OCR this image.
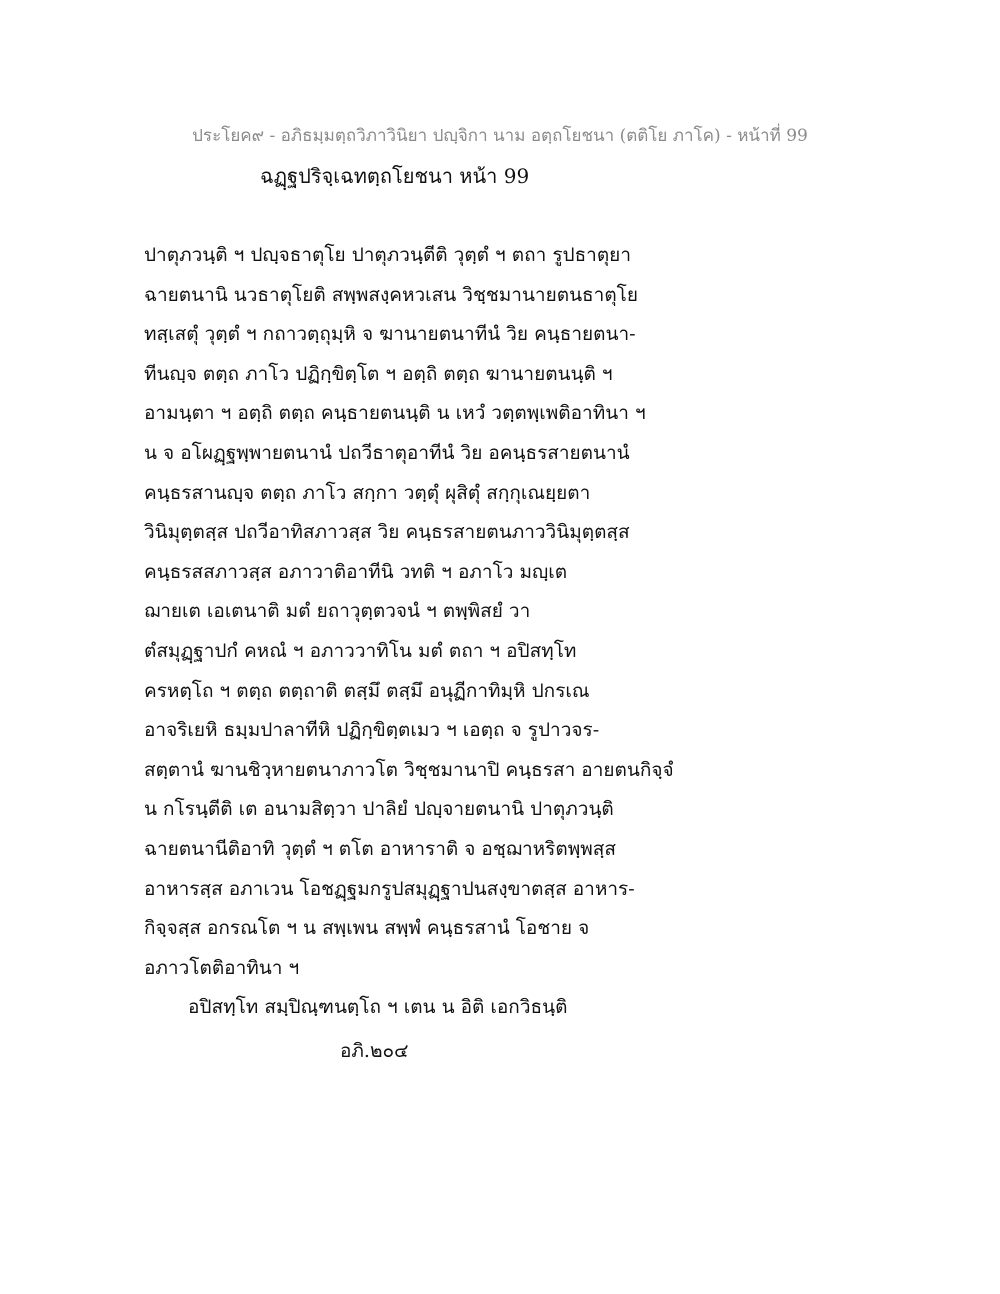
ประโยค๙ - อภิธมฺมตฺถวิภาวินิยา ปญฺจิกา นาม อตฺถโยชนา (ตติโย ภาโค) - หน้าที่ 99
ฉฏฺฐปริจฺเฉทตฺถโยชนา หน้า 99
ปาตุภวนฺติ ฯ ปญฺจธาตุโย ปาตุภวนฺตีติ วุตฺตํ ฯ ตถา รูปธาตุยา
ฉายตนานิ นวธาตุโยติ สพฺพสงฺคหวเสน วิชฺชมานายตนธาตุโย
ทสฺเสตุํ วุตฺตํ ฯ กถาวตฺถุมฺหิ จ ฆานายตนาทีนํ วิย คนฺธายตนา-
ทีนญฺจ ตตฺถ ภาโว ปฏิกฺขิตฺโต ฯ อตฺถิ ตตฺถ ฆานายตนนฺติ ฯ
อามนฺตา ฯ อตฺถิ ตตฺถ คนฺธายตนนฺติ น เหวํ วตฺตพฺเพติอาทินา ฯ
น จ อโผฏฺฐพฺพายตนานํ ปถวีธาตุอาทีนํ วิย อคนฺธรสายตนานํ
คนฺธรสานญฺจ ตตฺถ ภาโว สกฺกา วตฺตุํ ผุสิตุํ สกฺกุเณยฺยตา
วินิมุตฺตสฺส ปถวีอาทิสภาวสฺส วิย คนฺธรสายตนภาววินิมุตฺตสฺส
คนฺธรสสภาวสฺส อภาวาติอาทีนิ วทติ ฯ อภาโว มญฺเต
ฌายเต เอเตนาติ มตํ ยถาวุตฺตวจนํ ฯ ตพฺพิสยํ วา
ตํสมุฏฺฐาปกํ คหณํ ฯ อภาววาทิโน มตํ ตถา ฯ อปิสทฺโท
ครหตฺโถ ฯ ตตฺถ ตตฺถาติ ตสฺมึ ตสฺมึ อนุฏีกาทิมฺหิ ปกรเณ
อาจริเยหิ ธมฺมปาลาทีหิ ปฏิกฺขิตฺตเมว ฯ เอตฺถ จ รูปาวจร-
สตฺตานํ ฆานชิวฺหายตนาภาวโต วิชฺชมานาปิ คนฺธรสา อายตนกิจฺจํ
น กโรนฺตีติ เต อนามสิตฺวา ปาลิยํ ปญฺจายตนานิ ปาตุภวนฺติ
ฉายตนานีติอาทิ วุตฺตํ ฯ ตโต อาหาราติ จ อชฺฌาหริตพฺพสฺส
อาหารสฺส อภาเวน โอชฏฺฐมกรูปสมุฏฺฐาปนสงฺขาตสฺส อาหาร-
กิจฺจสฺส อกรณโต ฯ น สพฺเพน สพฺพํ คนฺธรสานํ โอชาย จ
อภาวโตติอาทินา ฯ
อปิสทฺโท สมฺปิณฺฑนตฺโถ ฯ เตน น อิติ เอกวิธนฺติ
อภิ.๒๐๔
